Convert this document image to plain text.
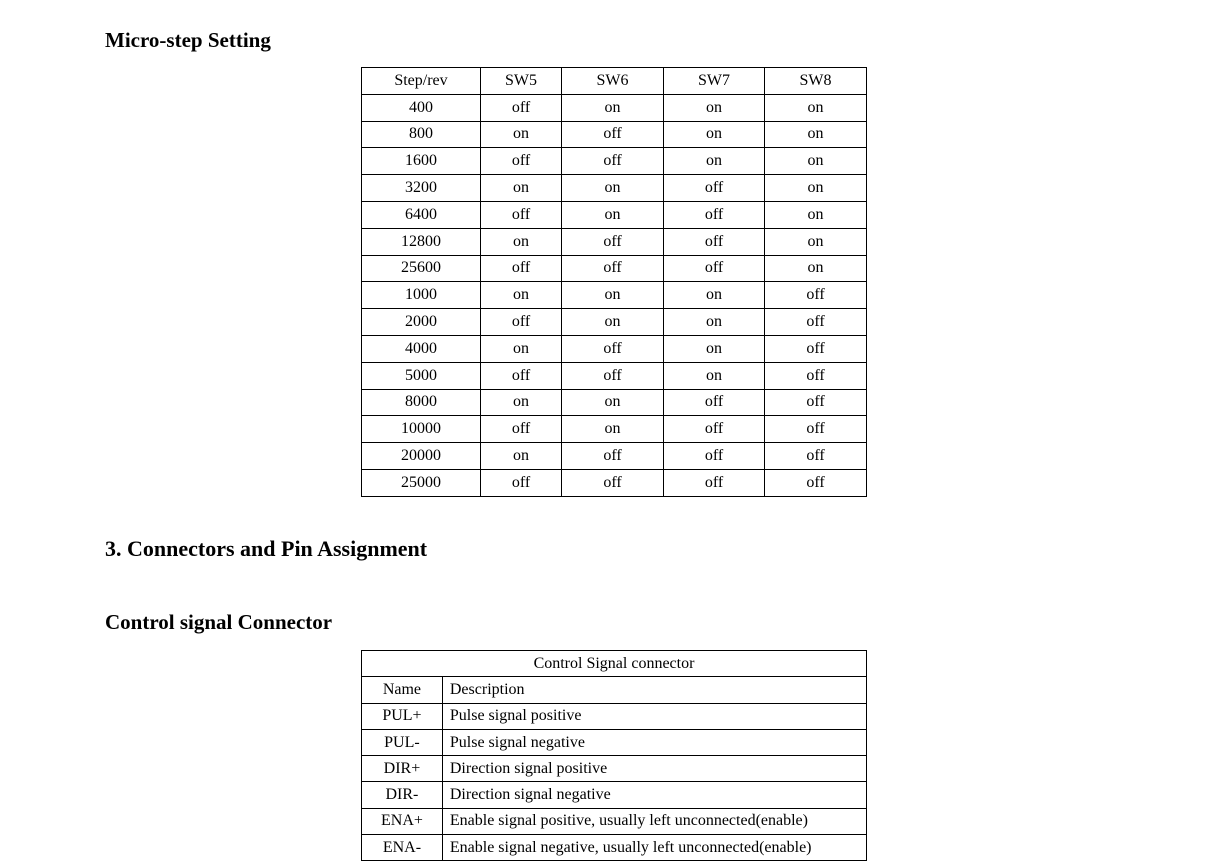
Micro-step Setting
Step/rev	SW5	SW6	SW7	SW8
400	off	on	on	on
800	on	off	on	on
1600	off	off	on	on
3200	on	on	off	on
6400	off	on	off	on
12800	on	off	off	on
25600	off	off	off	on
1000	on	on	on	off
2000	off	on	on	off
4000	on	off	on	off
5000	off	off	on	off
8000	on	on	off	off
10000	off	on	off	off
20000	on	off	off	off
25000	off	off	off	off
3. Connectors and Pin Assignment
Control signal Connector
Control Signal connector	
Name	Description
PUL+	Pulse signal positive
PUL-	Pulse signal negative
DIR+	Direction signal positive
DIR-	Direction signal negative
ENA+	Enable signal positive, usually left unconnected(enable)
ENA-	Enable signal negative, usually left unconnected(enable)
